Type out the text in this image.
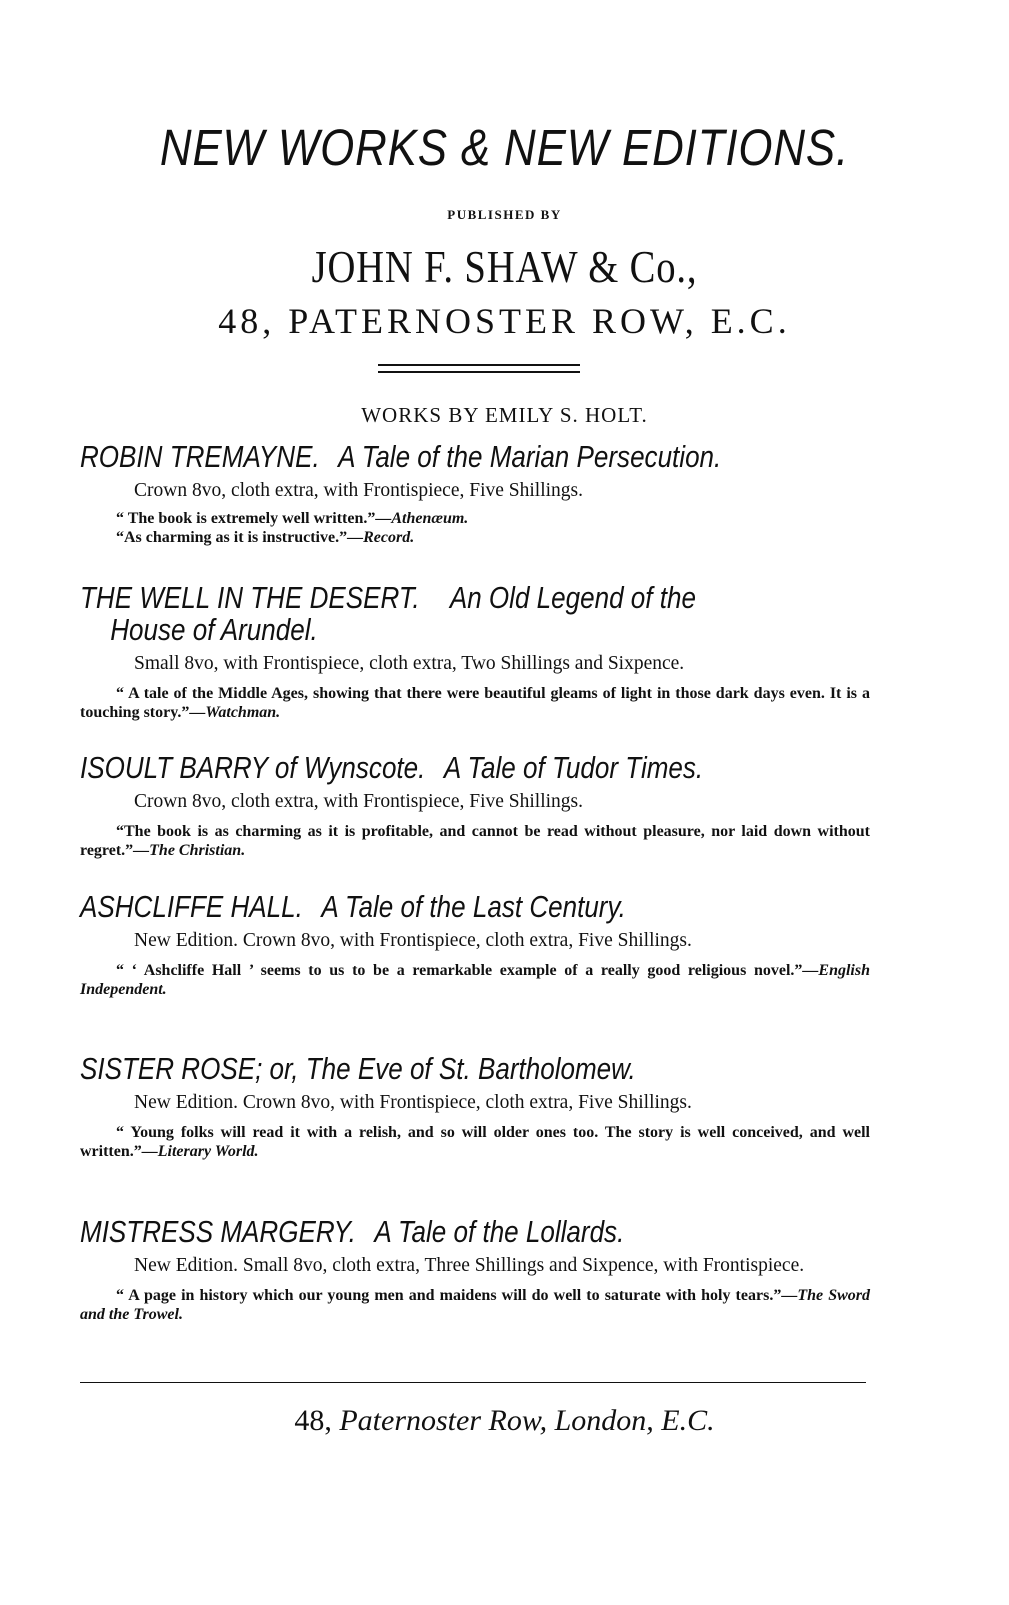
NEW WORKS & NEW EDITIONS.
PUBLISHED BY
JOHN F. SHAW & Co.,
48, PATERNOSTER ROW, E.C.
WORKS BY EMILY S. HOLT.
ROBIN TREMAYNE. A Tale of the Marian Persecution.
Crown 8vo, cloth extra, with Frontispiece, Five Shillings.
“ The book is extremely well written.”—Athenæum.
“As charming as it is instructive.”—Record.
THE WELL IN THE DESERT. An Old Legend of the
House of Arundel.
Small 8vo, with Frontispiece, cloth extra, Two Shillings and Sixpence.
“ A tale of the Middle Ages, showing that there were beautiful gleams of light in those dark days even. It is a touching story.”—Watchman.
ISOULT BARRY of Wynscote. A Tale of Tudor Times.
Crown 8vo, cloth extra, with Frontispiece, Five Shillings.
“The book is as charming as it is profitable, and cannot be read without pleasure, nor laid down without regret.”—The Christian.
ASHCLIFFE HALL. A Tale of the Last Century.
New Edition. Crown 8vo, with Frontispiece, cloth extra, Five Shillings.
“ ‘ Ashcliffe Hall ’ seems to us to be a remarkable example of a really good religious novel.”—English Independent.
SISTER ROSE; or, The Eve of St. Bartholomew.
New Edition. Crown 8vo, with Frontispiece, cloth extra, Five Shillings.
“ Young folks will read it with a relish, and so will older ones too. The story is well conceived, and well written.”—Literary World.
MISTRESS MARGERY. A Tale of the Lollards.
New Edition. Small 8vo, cloth extra, Three Shillings and Sixpence, with Frontispiece.
“ A page in history which our young men and maidens will do well to saturate with holy tears.”—The Sword and the Trowel.
48, Paternoster Row, London, E.C.
